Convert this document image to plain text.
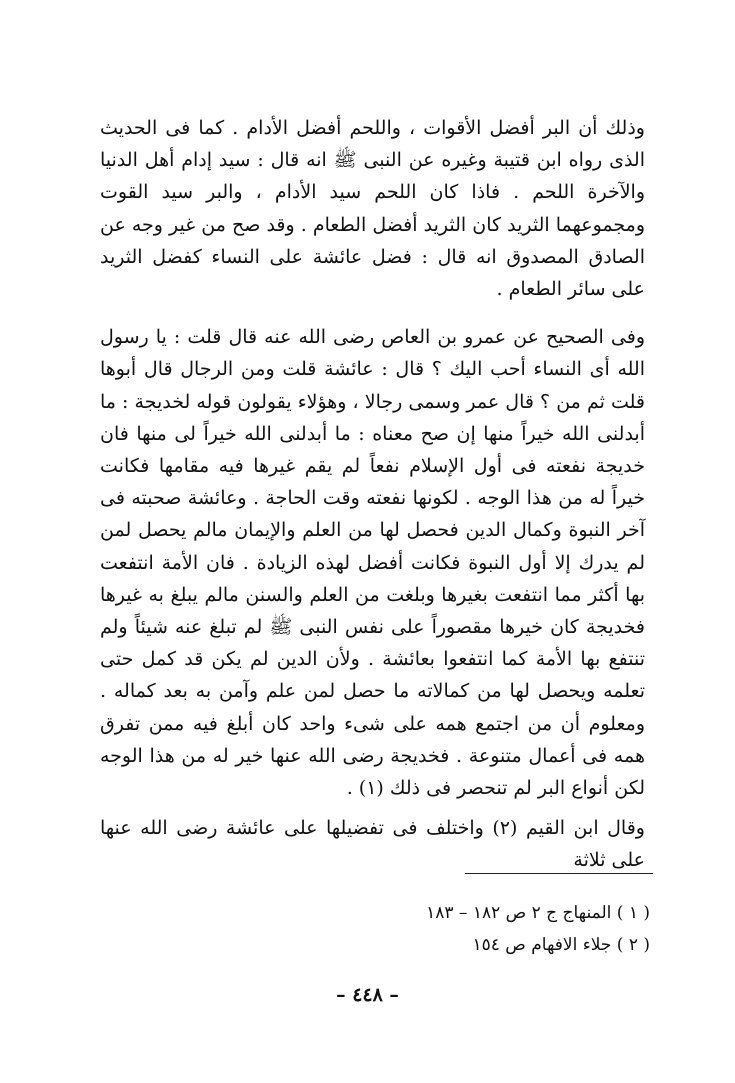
وذلك أن البر أفضل الأقوات ، واللحم أفضل الأدام . كما فى الحديث الذى رواه ابن قتيبة وغيره عن النبى ﷺ انه قال : سيد إدام أهل الدنيا والآخرة اللحم . فاذا كان اللحم سيد الأدام ، والبر سيد القوت ومجموعهما الثريد كان الثريد أفضل الطعام . وقد صح من غير وجه عن الصادق المصدوق انه قال : فضل عائشة على النساء كفضل الثريد على سائر الطعام .

وفى الصحيح عن عمرو بن العاص رضى الله عنه قال قلت : يا رسول الله أى النساء أحب اليك ؟ قال : عائشة قلت ومن الرجال قال أبوها قلت ثم من ؟ قال عمر وسمى رجالا ، وهؤلاء يقولون قوله لخديجة : ما أبدلنى الله خيراً منها إن صح معناه : ما أبدلنى الله خيراً لى منها فان خديجة نفعته فى أول الإسلام نفعاً لم يقم غيرها فيه مقامها فكانت خيراً له من هذا الوجه . لكونها نفعته وقت الحاجة . وعائشة صحبته فى آخر النبوة وكمال الدين فحصل لها من العلم والإيمان مالم يحصل لمن لم يدرك إلا أول النبوة فكانت أفضل لهذه الزيادة . فان الأمة انتفعت بها أكثر مما انتفعت بغيرها وبلغت من العلم والسنن مالم يبلغ به غيرها فخديجة كان خيرها مقصوراً على نفس النبى ﷺ لم تبلغ عنه شيئاً ولم تنتفع بها الأمة كما انتفعوا بعائشة . ولأن الدين لم يكن قد كمل حتى تعلمه ويحصل لها من كمالاته ما حصل لمن علم وآمن به بعد كماله . ومعلوم أن من اجتمع همه على شىء واحد كان أبلغ فيه ممن تفرق همه فى أعمال متنوعة . فخديجة رضى الله عنها خير له من هذا الوجه لكن أنواع البر لم تنحصر فى ذلك (١) .

وقال ابن القيم (٢) واختلف فى تفضيلها على عائشة رضى الله عنها على ثلاثة

( ١ ) المنهاج ج ٢ ص ١٨٢ – ١٨٣
( ٢ ) جلاء الافهام ص ١٥٤
– ٤٤٨ –
